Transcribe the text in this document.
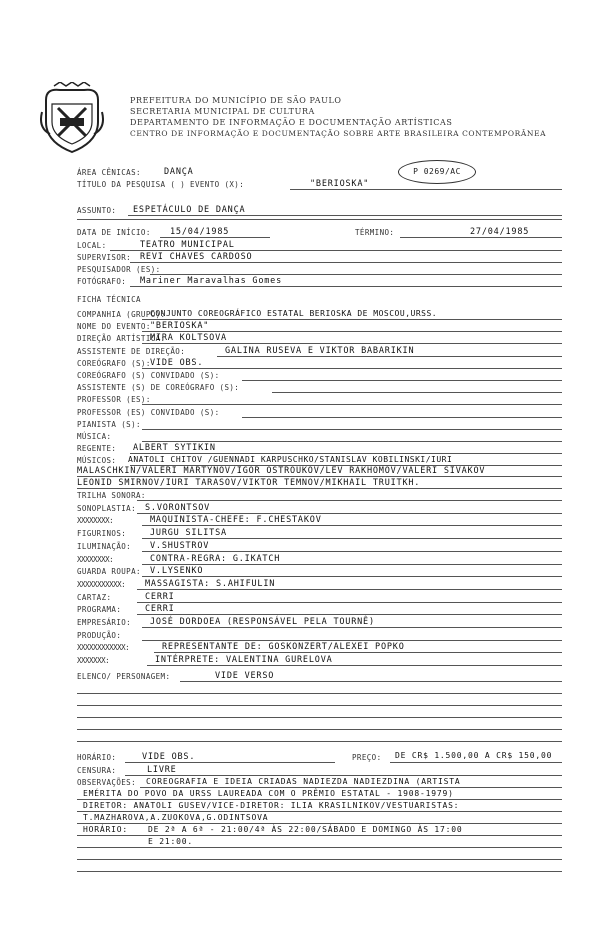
PREFEITURA DO MUNICÍPIO DE SÃO PAULO
SECRETARIA MUNICIPAL DE CULTURA
DEPARTAMENTO DE INFORMAÇÃO E DOCUMENTAÇÃO ARTÍSTICAS
CENTRO DE INFORMAÇÃO E DOCUMENTAÇÃO SOBRE ARTE BRASILEIRA CONTEMPORÂNEA
P 0269/AC
ÁREA CÊNICAS:	DANÇA
TÍTULO DA PESQUISA ( ) EVENTO (X):	"BERIOSKA"
ASSUNTO: ESPETÁCULO DE DANÇA
DATA DE INÍCIO: 15/04/1985	TÉRMINO:	27/04/1985
LOCAL:	TEATRO MUNICIPAL
SUPERVISOR: REVI CHAVES CARDOSO
PESQUISADOR (ES):
FOTÓGRAFO: Mariner Maravalhas Gomes
FICHA TÉCNICA
COMPANHIA (GRUPO):
CONJUNTO COREOGRÁFICO ESTATAL BERIOSKA DE MOSCOU,URSS.
NOME DO EVENTO: "BERIOSKA"
DIREÇÃO ARTÍSTICA:
MIRA KOLTSOVA
ASSISTENTE DE DIREÇÃO:	GALINA RUSEVA E VIKTOR BABARIKIN
COREÓGRAFO (S): VIDE OBS.
COREÓGRAFO (S) CONVIDADO (S):
ASSISTENTE (S) DE COREÓGRAFO (S):
PROFESSOR (ES):
PROFESSOR (ES) CONVIDADO (S):
PIANISTA (S):
MÚSICA:
REGENTE: ALBERT SYTIKIN
MÚSICOS: ANATOLI CHITOV /GUENNADI KARPUSCHKO/STANISLAV KOBILINSKI/IURI
MALASCHKIN/VALERI MARTYNOV/IGOR OSTROUKOV/LEV RAKHOMOV/VALERI SIVAKOV
LEONID SMIRNOV/IURI TARASOV/VIKTOR TEMNOV/MIKHAIL TRUITKH.
TRILHA SONORA:
SONOPLASTIA: S.VORONTSOV
XXXXXXXX:	MAQUINISTA-CHEFE: F.CHESTAKOV
FIGURINOS:	JURGU SILITSA
ILUMINAÇÃO: V.SHUSTROV
XXXXXXXX:	CONTRA-REGRA: G.IKATCH
GUARDA ROUPA: V.LYSENKO
XXXXXXXXXXX: MASSAGISTA: S.AHIFULIN
CARTAZ:	CERRI
PROGRAMA:	CERRI
EMPRESÁRIO: JOSÉ DORDOEA (RESPONSÁVEL PELA TOURNÊ)
PRODUÇÃO:
XXXXXXXXXXXX:	REPRESENTANTE DE: GOSKONZERT/ALEXEI POPKO
XXXXXXX:	INTÉRPRETE: VALENTINA GURELOVA
ELENCO/ PERSONAGEM:	VIDE VERSO
HORÁRIO:	VIDE OBS.	PREÇO: DE CR$ 1.500,00 A CR$ 150,00
CENSURA:	LIVRE
OBSERVAÇÕES: COREOGRAFIA E IDEIA CRIADAS NADIEZDA NADIEZDINA (ARTISTA
EMÉRITA DO POVO DA URSS LAUREADA COM O PRÊMIO ESTATAL - 1908-1979)
DIRETOR: ANATOLI GUSEV/VICE-DIRETOR: ILIA KRASILNIKOV/VESTUARISTAS:
T.MAZHAROVA,A.ZUOKOVA,G.ODINTSOVA
HORÁRIO:	DE 2ª A 6ª - 21:00/4ª ÀS 22:00/SÁBADO E DOMINGO ÀS 17:00
E 21:00.
